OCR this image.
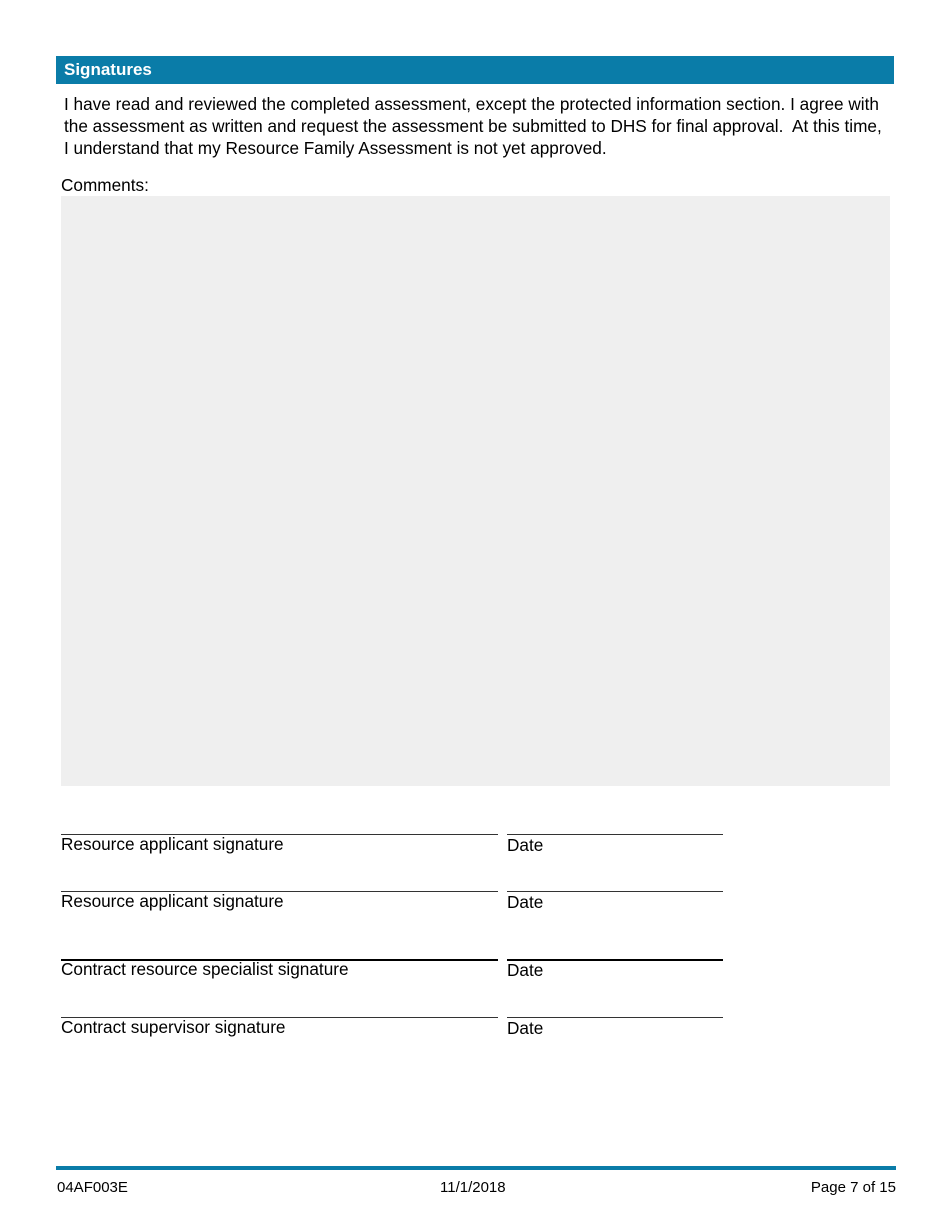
Signatures
I have read and reviewed the completed assessment, except the protected information section. I agree with the assessment as written and request the assessment be submitted to DHS for final approval.  At this time, I understand that my Resource Family Assessment is not yet approved.
Comments:
Resource applicant signature	Date
Resource applicant signature	Date
Contract resource specialist signature	Date
Contract supervisor signature	Date
04AF003E	11/1/2018	Page 7 of 15
